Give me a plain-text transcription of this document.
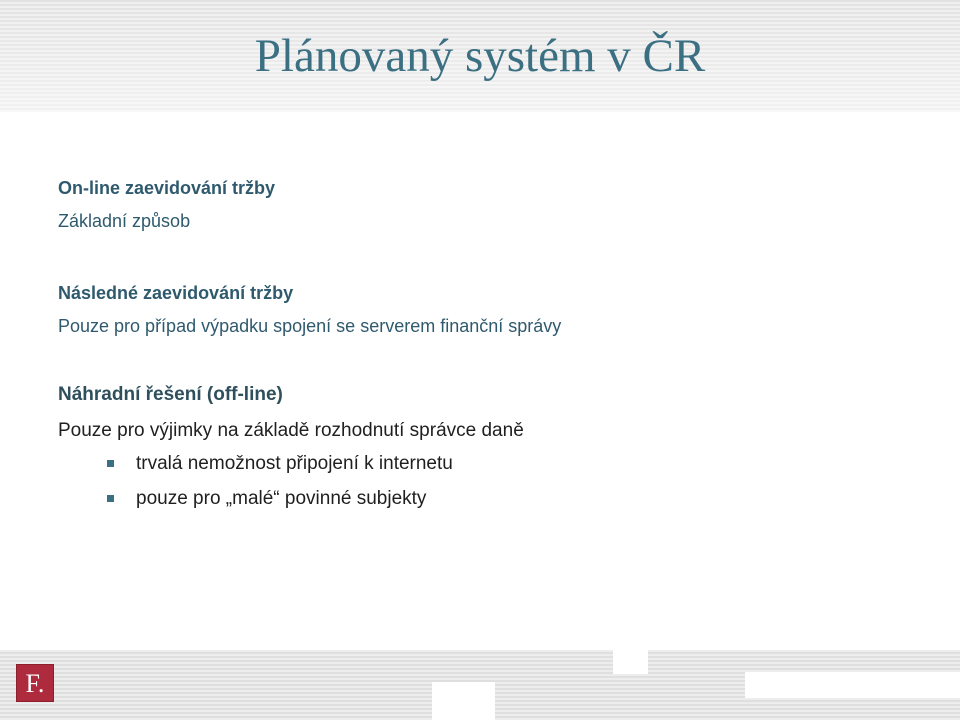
Plánovaný systém v ČR
On-line zaevidování tržby
Základní způsob
Následné zaevidování tržby
Pouze pro případ výpadku spojení se serverem finanční správy
Náhradní řešení (off-line)
Pouze pro výjimky na základě rozhodnutí správce daně
trvalá nemožnost připojení k internetu
pouze pro „malé“ povinné subjekty
F.
